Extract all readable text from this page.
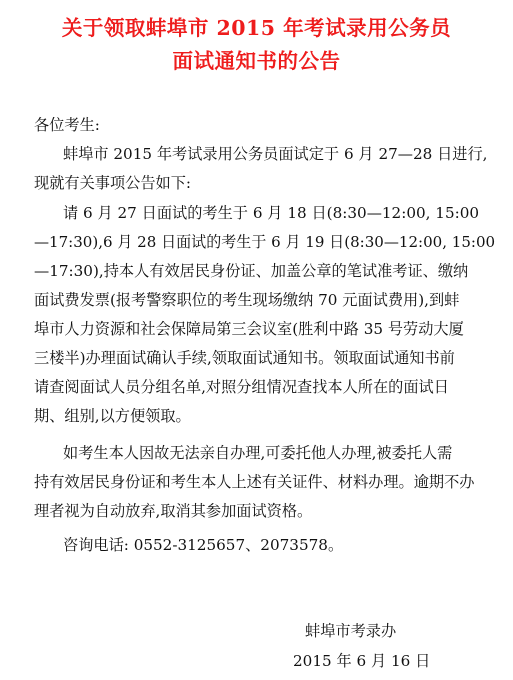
关于领取蚌埠市 2015 年考试录用公务员
面试通知书的公告
各位考生:
蚌埠市 2015 年考试录用公务员面试定于 6 月 27—28 日进行,
现就有关事项公告如下:
请 6 月 27 日面试的考生于 6 月 18 日(8:30—12:00, 15:00
—17:30),6 月 28 日面试的考生于 6 月 19 日(8:30—12:00, 15:00
—17:30),持本人有效居民身份证、加盖公章的笔试准考证、缴纳
面试费发票(报考警察职位的考生现场缴纳 70 元面试费用),到蚌
埠市人力资源和社会保障局第三会议室(胜利中路 35 号劳动大厦
三楼半)办理面试确认手续,领取面试通知书。领取面试通知书前
请查阅面试人员分组名单,对照分组情况查找本人所在的面试日
期、组别,以方便领取。
如考生本人因故无法亲自办理,可委托他人办理,被委托人需
持有效居民身份证和考生本人上述有关证件、材料办理。逾期不办
理者视为自动放弃,取消其参加面试资格。
咨询电话: 0552-3125657、2073578。
蚌埠市考录办
2015 年 6 月 16 日
